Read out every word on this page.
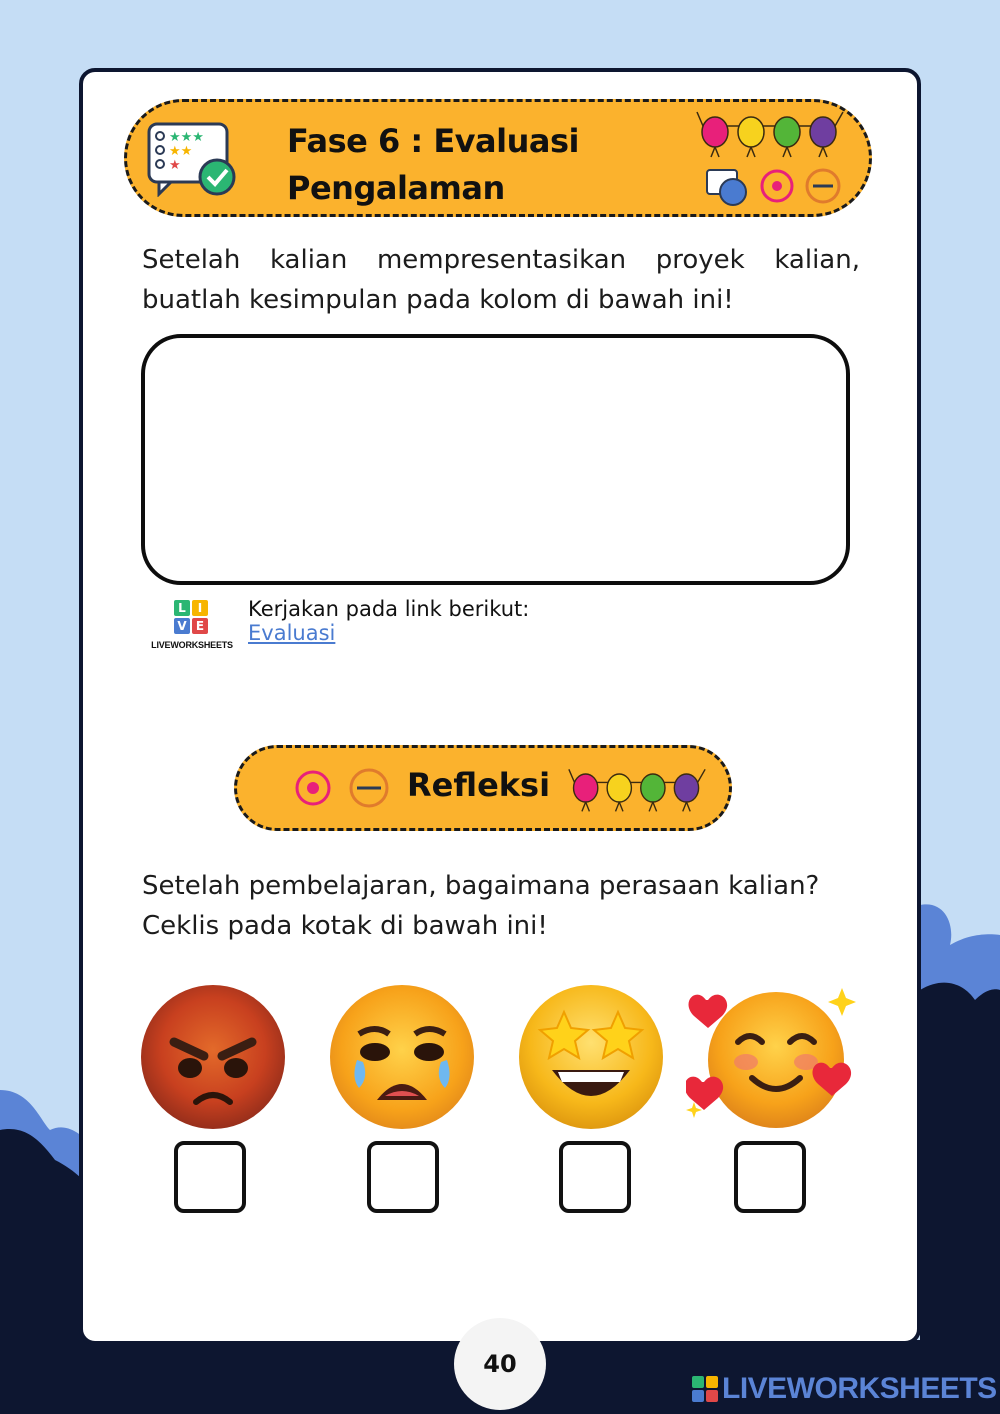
★★★
★★
★
Fase 6 : Evaluasi Pengalaman
Setelah kalian mempresentasikan proyek kalian,
buatlah kesimpulan pada kolom di bawah ini!
L I
V E
LIVEWORKSHEETS
Kerjakan pada link berikut:
Evaluasi
Refleksi
Setelah pembelajaran, bagaimana perasaan kalian?
Ceklis pada kotak di bawah ini!
40
LIVEWORKSHEETS
